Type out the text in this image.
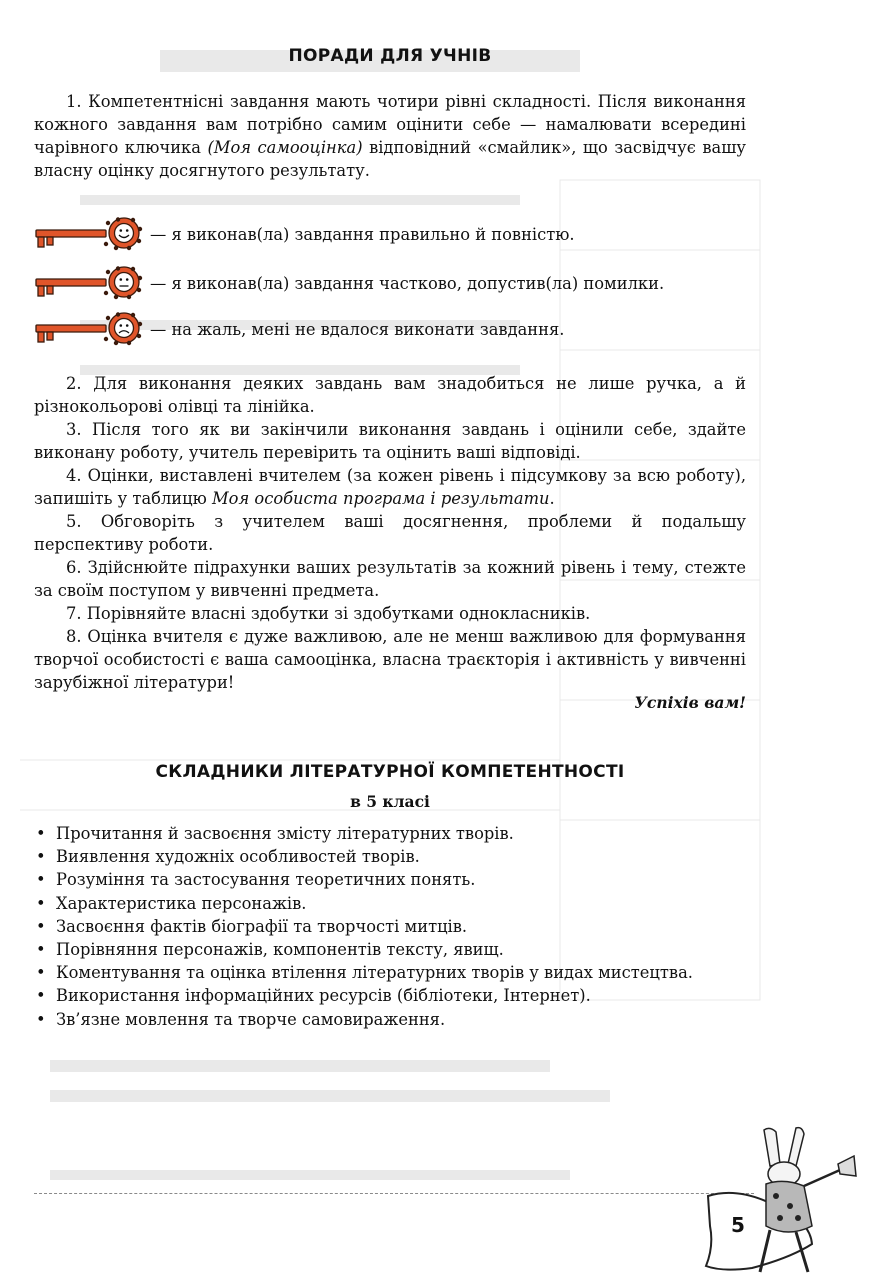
ПОРАДИ ДЛЯ УЧНІВ

1. Компетентнісні завдання мають чотири рівні складності. Після виконання кожного завдання вам потрібно самим оцінити себе — намалювати всередині чарівного ключика (Моя самооцінка) відповідний «смайлик», що засвідчує вашу власну оцінку досягнутого результату.

— я виконав(ла) завдання правильно й повністю.
— я виконав(ла) завдання частково, допустив(ла) помилки.
— на жаль, мені не вдалося виконати завдання.

2. Для виконання деяких завдань вам знадобиться не лише ручка, а й різнокольорові олівці та лінійка.

3. Після того як ви закінчили виконання завдань і оцінили себе, здайте виконану роботу, учитель перевірить та оцінить ваші відповіді.

4. Оцінки, виставлені вчителем (за кожен рівень і підсумкову за всю роботу), запишіть у таблицю Моя особиста програма і результати.

5. Обговоріть з учителем ваші досягнення, проблеми й подальшу перспективу роботи.

6. Здійснюйте підрахунки ваших результатів за кожний рівень і тему, стежте за своїм поступом у вивченні предмета.

7. Порівняйте власні здобутки зі здобутками однокласників.

8. Оцінка вчителя є дуже важливою, але не менш важливою для формування творчої особистості є ваша самооцінка, власна траєкторія і активність у вивченні зарубіжної літератури!

Успіхів вам!
СКЛАДНИКИ ЛІТЕРАТУРНОЇ КОМПЕТЕНТНОСТІ
в 5 класі
• Прочитання й засвоєння змісту літературних творів.
• Виявлення художніх особливостей творів.
• Розуміння та застосування теоретичних понять.
• Характеристика персонажів.
• Засвоєння фактів біографії та творчості митців.
• Порівняння персонажів, компонентів тексту, явищ.
• Коментування та оцінка втілення літературних творів у видах мистецтва.
• Використання інформаційних ресурсів (бібліотеки, Інтернет).
• Зв’язне мовлення та творче самовираження.
5
